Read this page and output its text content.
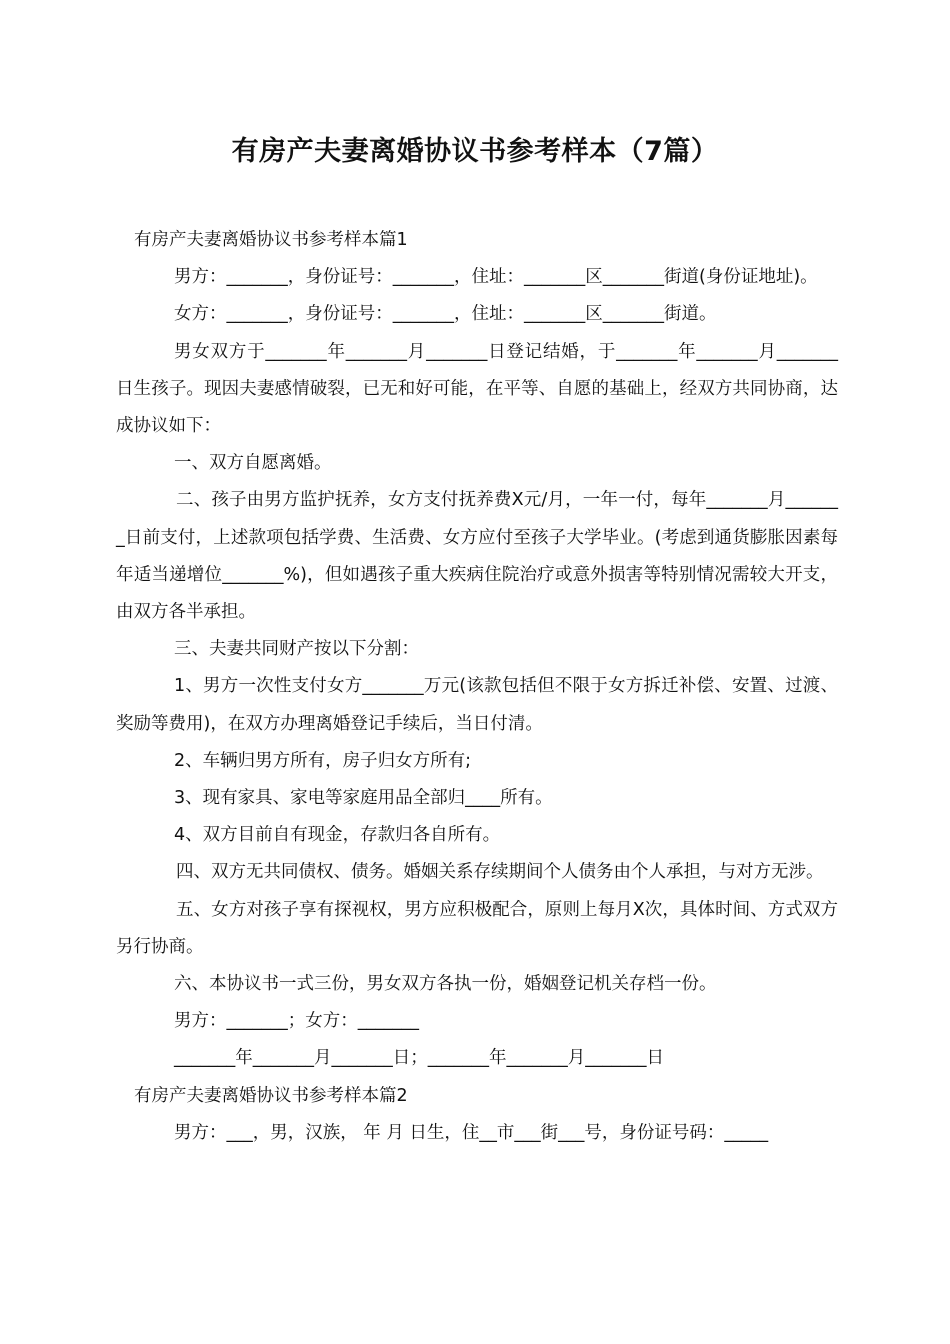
有房产夫妻离婚协议书参考样本（7篇）

有房产夫妻离婚协议书参考样本篇1

男方：_______，身份证号：_______，住址：_______区_______街道(身份证地址)。

女方：_______，身份证号：_______，住址：_______区_______街道。

男女双方于_______年_______月_______日登记结婚，于_______年_______月_______日生孩子。现因夫妻感情破裂，已无和好可能，在平等、自愿的基础上，经双方共同协商，达成协议如下：

一、双方自愿离婚。

二、孩子由男方监护抚养，女方支付抚养费X元/月，一年一付，每年_______月_______日前支付，上述款项包括学费、生活费、女方应付至孩子大学毕业。(考虑到通货膨胀因素每年适当递增位_______%)，但如遇孩子重大疾病住院治疗或意外损害等特别情况需较大开支，由双方各半承担。

三、夫妻共同财产按以下分割：

1、男方一次性支付女方_______万元(该款包括但不限于女方拆迁补偿、安置、过渡、奖励等费用)，在双方办理离婚登记手续后，当日付清。

2、车辆归男方所有，房子归女方所有;

3、现有家具、家电等家庭用品全部归____所有。

4、双方目前自有现金，存款归各自所有。

四、双方无共同债权、债务。婚姻关系存续期间个人债务由个人承担，与对方无涉。

五、女方对孩子享有探视权，男方应积极配合，原则上每月X次，具体时间、方式双方另行协商。

六、本协议书一式三份，男女双方各执一份，婚姻登记机关存档一份。

男方：_______；女方：_______

_______年_______月_______日；_______年_______月_______日

有房产夫妻离婚协议书参考样本篇2

男方：___，男，汉族， 年 月 日生，住__市___街___号，身份证号码：_____
